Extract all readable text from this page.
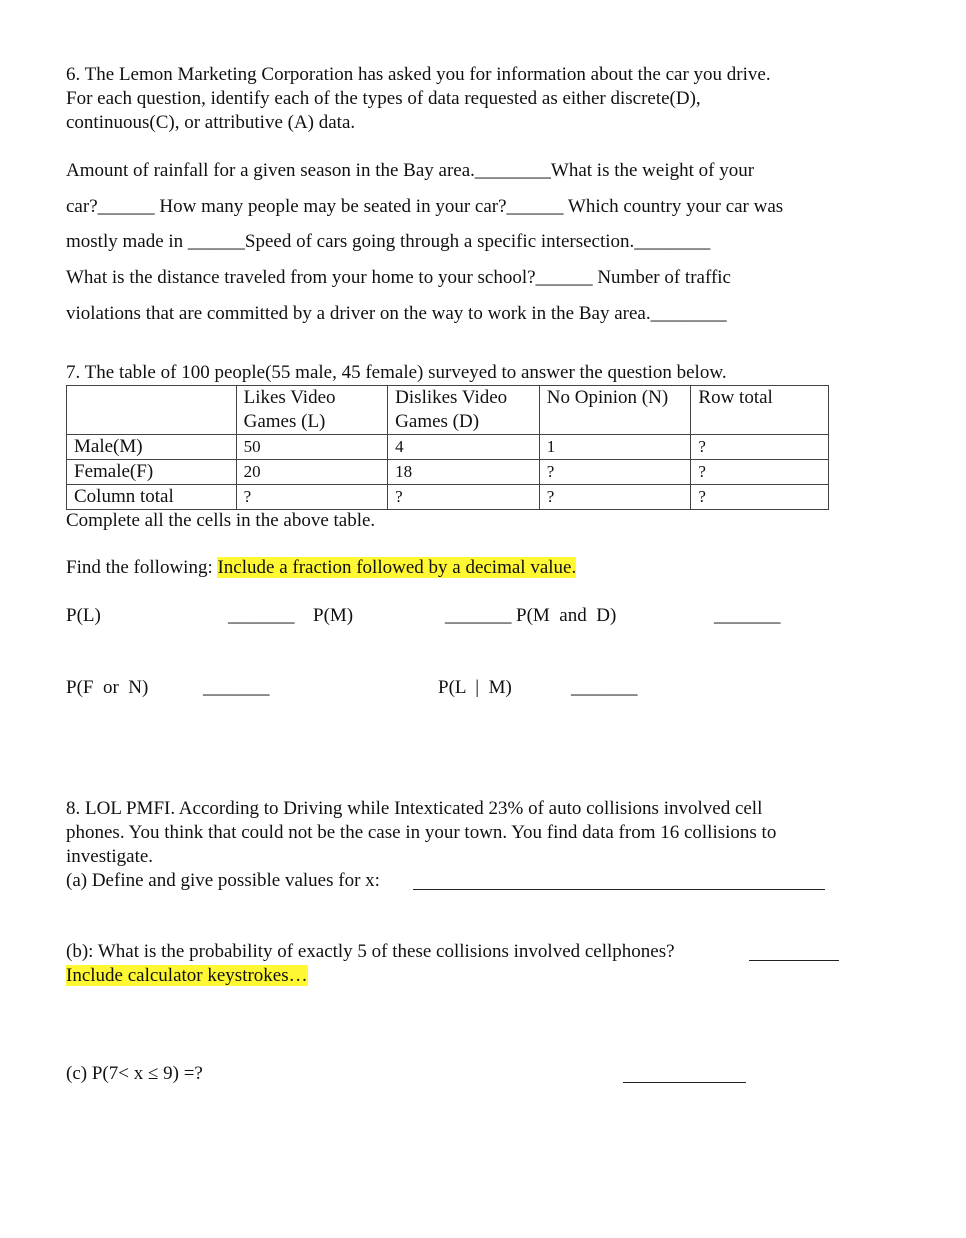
6. The Lemon Marketing Corporation has asked you for information about the car you drive.
For each question, identify each of the types of data requested as either discrete(D),
continuous(C), or attributive (A) data.
Amount of rainfall for a given season in the Bay area.________What is the weight of your
car?______ How many people may be seated in your car?______ Which country your car was
mostly made in ______Speed of cars going through a specific intersection.________
What is the distance traveled from your home to your school?______ Number of traffic
violations that are committed by a driver on the way to work in the Bay area.________
7. The table of 100 people(55 male, 45 female) surveyed to answer the question below.
	Likes Video Games (L)	Dislikes Video Games (D)	No Opinion (N)	Row total
Male(M)	50	4	1	?
Female(F)	20	18	?	?
Column total	?	?	?	?
Complete all the cells in the above table.
Find the following: Include a fraction followed by a decimal value.
P(L)	_______ P(M)	_______ P(M  and  D)	_______
P(F  or  N)	_______	P(L  |  M)	_______
8. LOL PMFI. According to Driving while Intexticated 23% of auto collisions involved cell
phones. You think that could not be the case in your town. You find data from 16 collisions to
investigate.
(a) Define and give possible values for x:
(b): What is the probability of exactly 5 of these collisions involved cellphones?
Include calculator keystrokes…
(c) P(7< x ≤ 9) =?
